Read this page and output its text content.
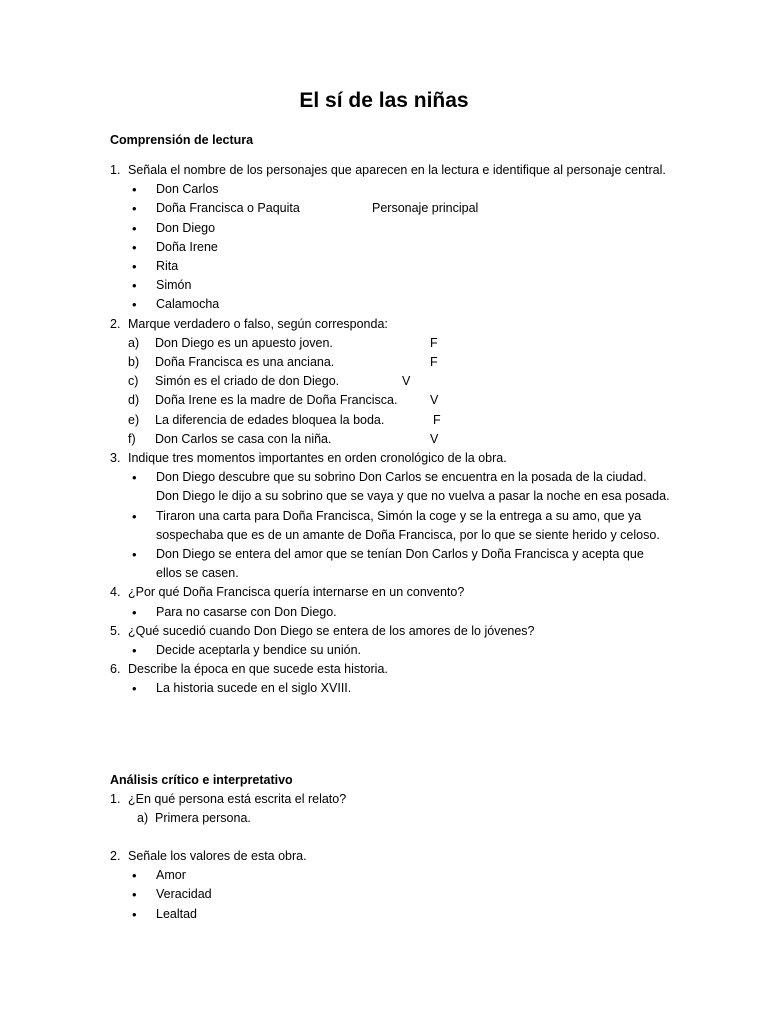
El sí de las niñas
Comprensión de lectura
1. Señala el nombre de los personajes que aparecen en la lectura e identifique al personaje central.
• Don Carlos
• Doña Francisca o Paquita	Personaje principal
• Don Diego
• Doña Irene
• Rita
• Simón
• Calamocha
2. Marque verdadero o falso, según corresponda:
a) Don Diego es un apuesto joven.	F
b) Doña Francisca es una anciana.	F
c) Simón es el criado de don Diego.	V
d) Doña Irene es la madre de Doña Francisca.	V
e) La diferencia de edades bloquea la boda.	F
f) Don Carlos se casa con la niña.	V
3. Indique tres momentos importantes en orden cronológico de la obra.
• Don Diego descubre que su sobrino Don Carlos se encuentra en la posada de la ciudad. Don Diego le dijo a su sobrino que se vaya y que no vuelva a pasar la noche en esa posada.
• Tiraron una carta para Doña Francisca, Simón la coge y se la entrega a su amo, que ya sospechaba que es de un amante de Doña Francisca, por lo que se siente herido y celoso.
• Don Diego se entera del amor que se tenían Don Carlos y Doña Francisca y acepta que ellos se casen.
4. ¿Por qué Doña Francisca quería internarse en un convento?
• Para no casarse con Don Diego.
5. ¿Qué sucedió cuando Don Diego se entera de los amores de lo jóvenes?
• Decide aceptarla y bendice su unión.
6. Describe la época en que sucede esta historia.
• La historia sucede en el siglo XVIII.
Análisis crítico e interpretativo
1. ¿En qué persona está escrita el relato?
a) Primera persona.
2. Señale los valores de esta obra.
• Amor
• Veracidad
• Lealtad
